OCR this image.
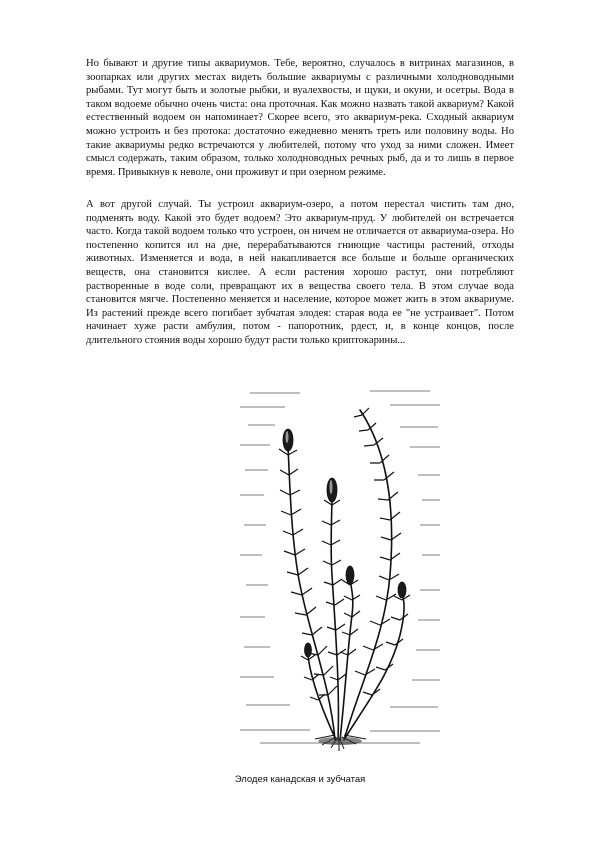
Но бывают и другие типы аквариумов. Тебе, вероятно, случалось в витринах магазинов, в зоопарках или других местах видеть большие аквариумы с различными холодноводными рыбами. Тут могут быть и золотые рыбки, и вуалехвосты, и щуки, и окуни, и осетры. Вода в таком водоеме обычно очень чиста: она проточная. Как можно назвать такой аквариум? Какой естественный водоем он напоминает? Скорее всего, это аквариум-река. Сходный аквариум можно устроить и без протока: достаточно ежедневно менять треть или половину воды. Но такие аквариумы редко встречаются у любителей, потому что уход за ними сложен. Имеет смысл содержать, таким образом, только холодноводных речных рыб, да и то лишь в первое время. Привыкнув к неволе, они проживут и при озерном режиме.

А вот другой случай. Ты устроил аквариум-озеро, а потом перестал чистить там дно, подменять воду. Какой это будет водоем? Это аквариум-пруд. У любителей он встречается часто. Когда такой водоем только что устроен, он ничем не отличается от аквариума-озера. Но постепенно копится ил на дне, перерабатываются гниющие частицы растений, отходы животных. Изменяется и вода, в ней накапливается все больше и больше органических веществ, она становится кислее. А если растения хорошо растут, они потребляют растворенные в воде соли, превращают их в вещества своего тела. В этом случае вода становится мягче. Постепенно меняется и население, которое может жить в этом аквариуме. Из растений прежде всего погибает зубчатая элодея: старая вода ее "не устраивает". Потом начинает хуже расти амбулия, потом - папоротник, рдест, и, в конце концов, после длительного стояния воды хорошо будут расти только криптокарины...

Элодея канадская и зубчатая
